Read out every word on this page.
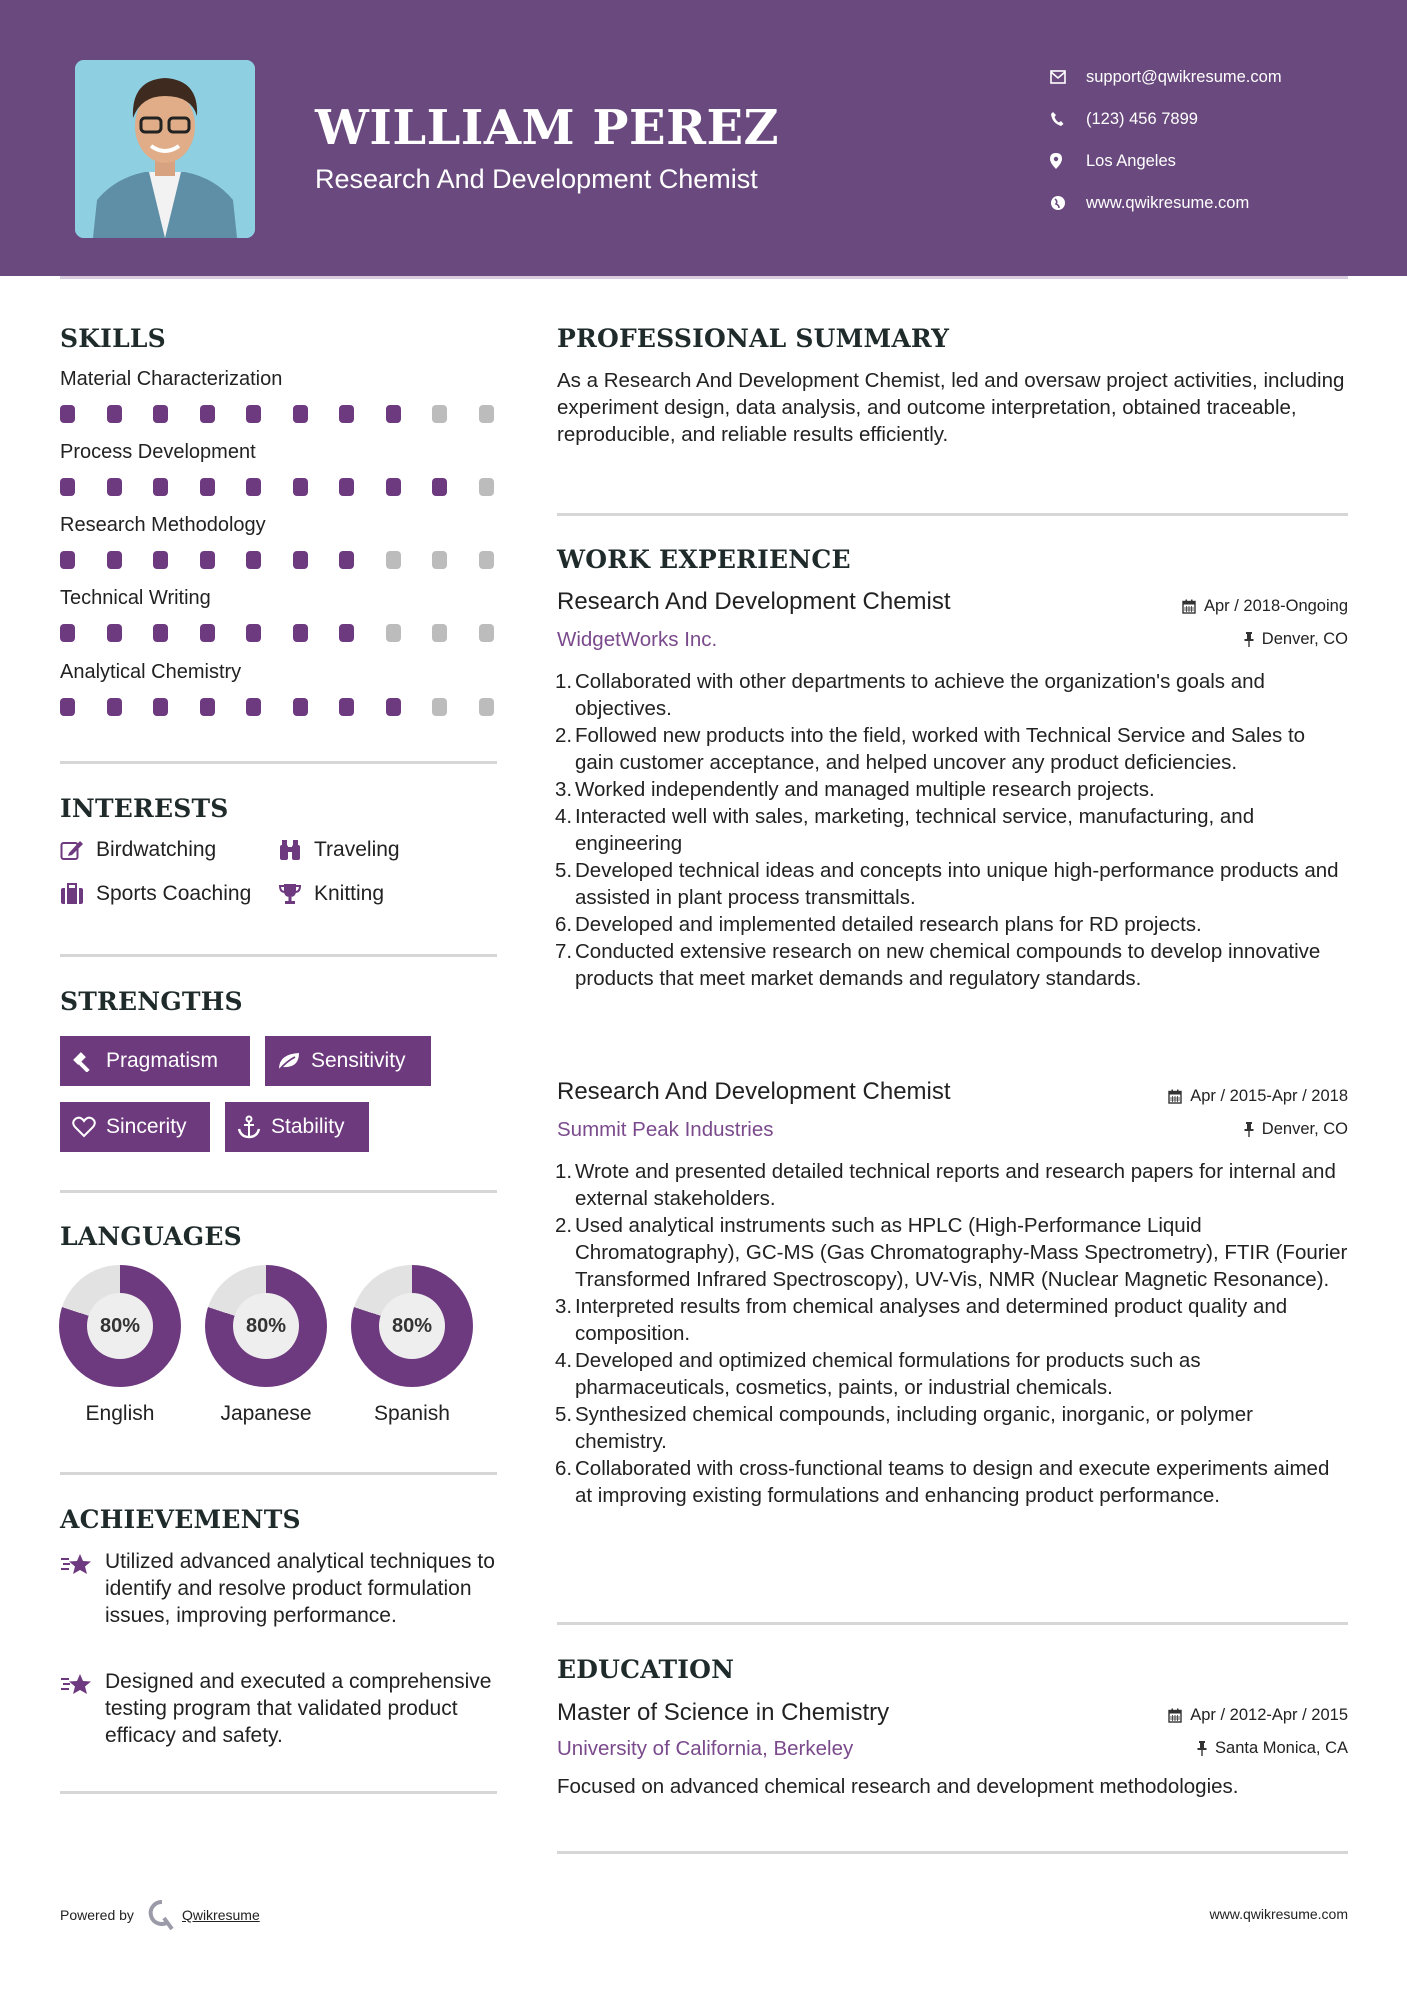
WILLIAM PEREZ
Research And Development Chemist
support@qwikresume.com
(123) 456 7899
Los Angeles
www.qwikresume.com
SKILLS
Material Characterization
Process Development
Research Methodology
Technical Writing
Analytical Chemistry
INTERESTS
Birdwatching	Traveling
Sports Coaching	Knitting
STRENGTHS
Pragmatism	Sensitivity
Sincerity	Stability
LANGUAGES
80%
English
80%
Japanese
80%
Spanish
ACHIEVEMENTS
Utilized advanced analytical techniques to identify and resolve product formulation issues, improving performance.
Designed and executed a comprehensive testing program that validated product efficacy and safety.
PROFESSIONAL SUMMARY
As a Research And Development Chemist, led and oversaw project activities, including experiment design, data analysis, and outcome interpretation, obtained traceable, reproducible, and reliable results efficiently.
WORK EXPERIENCE
Research And Development Chemist	Apr / 2018-Ongoing
WidgetWorks Inc.	Denver, CO
Collaborated with other departments to achieve the organization's goals and objectives.
Followed new products into the field, worked with Technical Service and Sales to gain customer acceptance, and helped uncover any product deficiencies.
Worked independently and managed multiple research projects.
Interacted well with sales, marketing, technical service, manufacturing, and engineering
Developed technical ideas and concepts into unique high-performance products and assisted in plant process transmittals.
Developed and implemented detailed research plans for RD projects.
Conducted extensive research on new chemical compounds to develop innovative products that meet market demands and regulatory standards.
Research And Development Chemist	Apr / 2015-Apr / 2018
Summit Peak Industries	Denver, CO
Wrote and presented detailed technical reports and research papers for internal and external stakeholders.
Used analytical instruments such as HPLC (High-Performance Liquid Chromatography), GC-MS (Gas Chromatography-Mass Spectrometry), FTIR (Fourier Transformed Infrared Spectroscopy), UV-Vis, NMR (Nuclear Magnetic Resonance).
Interpreted results from chemical analyses and determined product quality and composition.
Developed and optimized chemical formulations for products such as pharmaceuticals, cosmetics, paints, or industrial chemicals.
Synthesized chemical compounds, including organic, inorganic, or polymer chemistry.
Collaborated with cross-functional teams to design and execute experiments aimed at improving existing formulations and enhancing product performance.
EDUCATION
Master of Science in Chemistry	Apr / 2012-Apr / 2015
University of California, Berkeley	Santa Monica, CA
Focused on advanced chemical research and development methodologies.
Powered by	Qwikresume	www.qwikresume.com
